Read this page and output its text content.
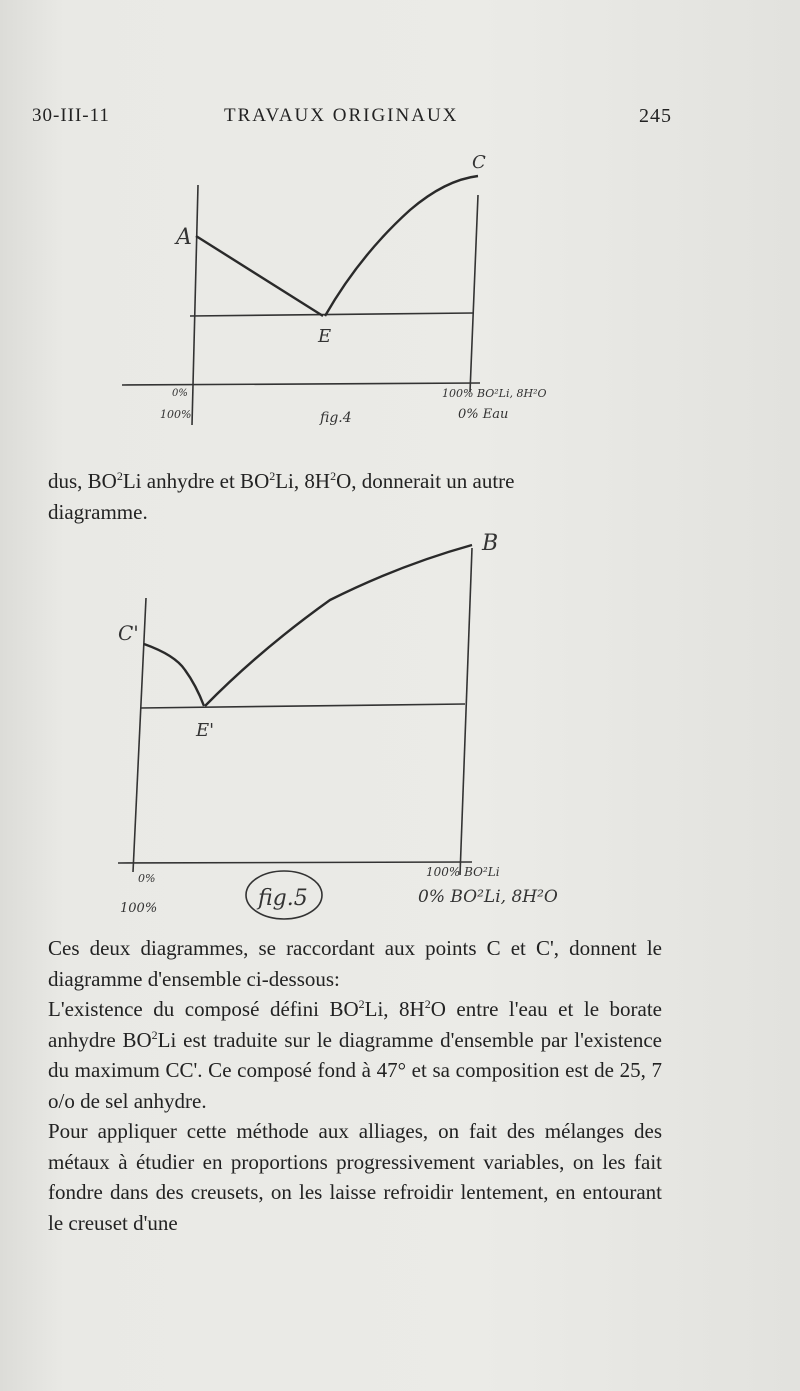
30-III-11	TRAVAUX ORIGINAUX	245
A
C
E
0%
100%
100% BO²Li, 8H²O
0% Eau
fig.4

dus, $BO^2Li$ anhydre et $BO^2Li$, $8H^2O$, donnerait un autre
diagramme.

B
C'
E'
0%
100%
100% BO²Li
0% BO²Li, 8H²O
fig.5

Ces deux diagrammes, se raccordant aux points C et C', donnent le diagramme d'ensemble ci-dessous:

L'existence du composé défini $BO^2Li$, $8H^2O$ entre l'eau et le borate anhydre $BO^2Li$ est traduite sur le diagramme d'ensemble par l'existence du maximum CC'. Ce composé fond à 47° et sa composition est de 25, 7 o/o de sel anhydre.

Pour appliquer cette méthode aux alliages, on fait des mélanges des métaux à étudier en proportions progressivement variables, on les fait fondre dans des creusets, on les laisse refroidir lentement, en entourant le creuset d'une
